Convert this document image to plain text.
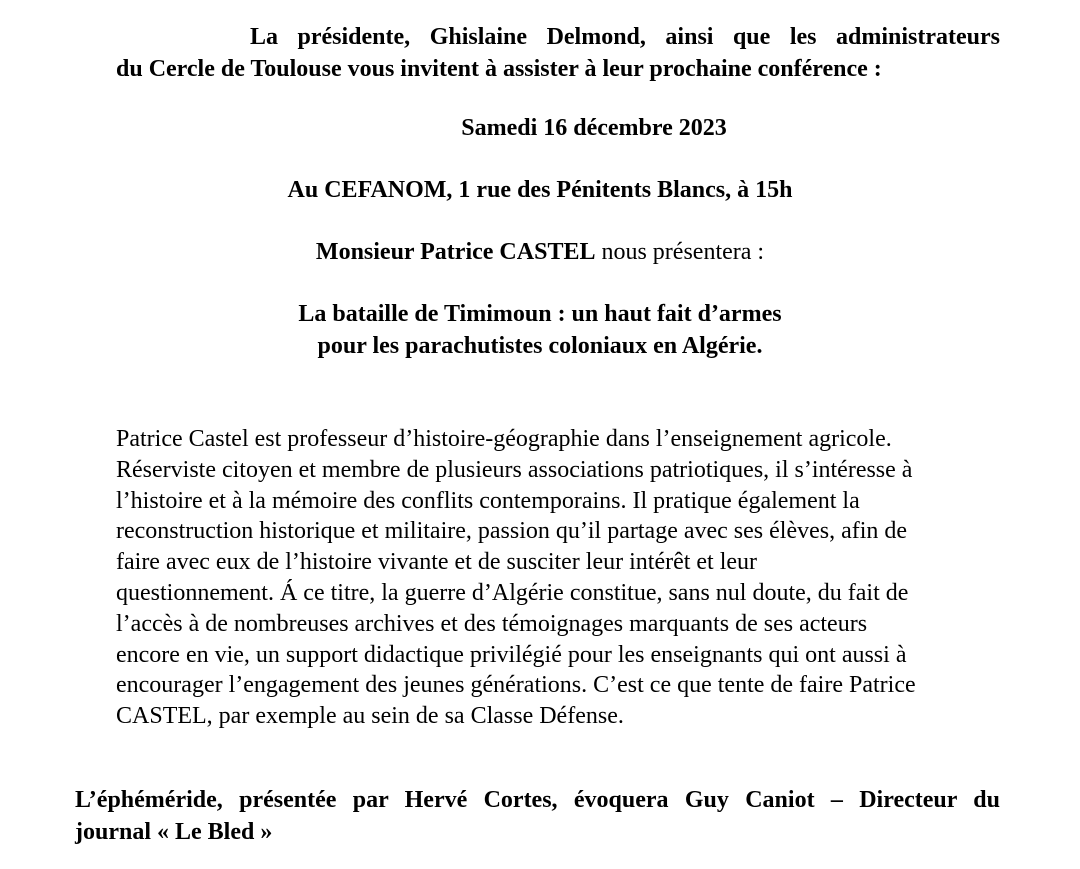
La présidente, Ghislaine Delmond, ainsi que les administrateurs
du Cercle de Toulouse vous invitent à assister à leur prochaine conférence :
Samedi 16 décembre 2023
Au CEFANOM, 1 rue des Pénitents Blancs, à 15h
Monsieur Patrice CASTEL nous présentera :
La bataille de Timimoun : un haut fait d’armes
pour les parachutistes coloniaux en Algérie.
Patrice Castel est professeur d’histoire-géographie dans l’enseignement agricole.
Réserviste citoyen et membre de plusieurs associations patriotiques, il s’intéresse à
l’histoire et à la mémoire des conflits contemporains. Il pratique également la
reconstruction historique et militaire, passion qu’il partage avec ses élèves, afin de
faire avec eux de l’histoire vivante et de susciter leur intérêt et leur
questionnement. Á ce titre, la guerre d’Algérie constitue, sans nul doute, du fait de
l’accès à de nombreuses archives et des témoignages marquants de ses acteurs
encore en vie, un support didactique privilégié pour les enseignants qui ont aussi à
encourager l’engagement des jeunes générations. C’est ce que tente de faire Patrice
CASTEL, par exemple au sein de sa Classe Défense.
L’éphéméride, présentée par Hervé Cortes, évoquera Guy Caniot – Directeur du
journal « Le Bled »
